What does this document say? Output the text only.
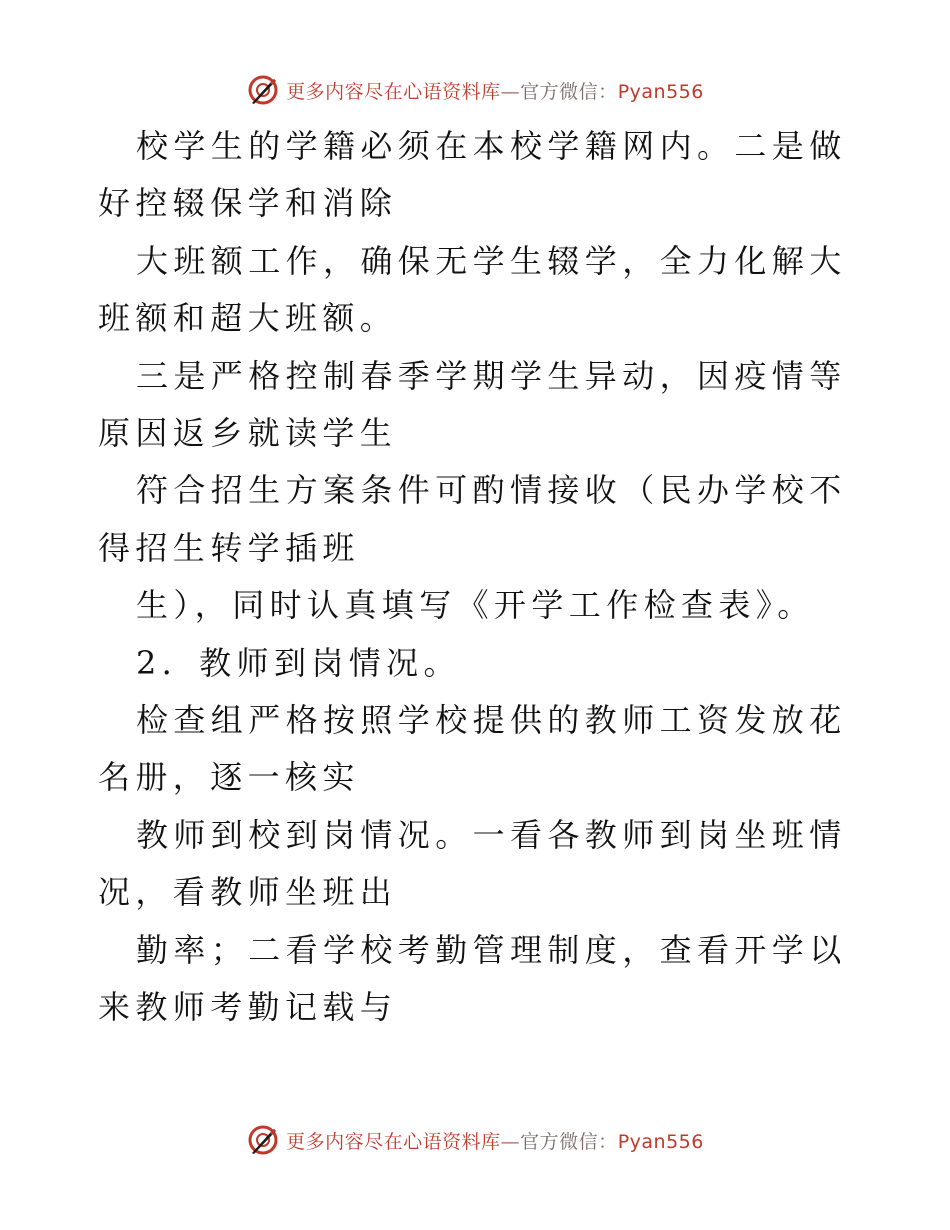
更多内容尽在心语资料库—官方微信：Pyan556

校学生的学籍必须在本校学籍网内。二是做好控辍保学和消除

大班额工作，确保无学生辍学，全力化解大班额和超大班额。

三是严格控制春季学期学生异动，因疫情等原因返乡就读学生

符合招生方案条件可酌情接收（民办学校不得招生转学插班

生），同时认真填写《开学工作检查表》。

2．教师到岗情况。

检查组严格按照学校提供的教师工资发放花名册，逐一核实

教师到校到岗情况。一看各教师到岗坐班情况，看教师坐班出

勤率；二看学校考勤管理制度，查看开学以来教师考勤记载与

更多内容尽在心语资料库—官方微信：Pyan556
